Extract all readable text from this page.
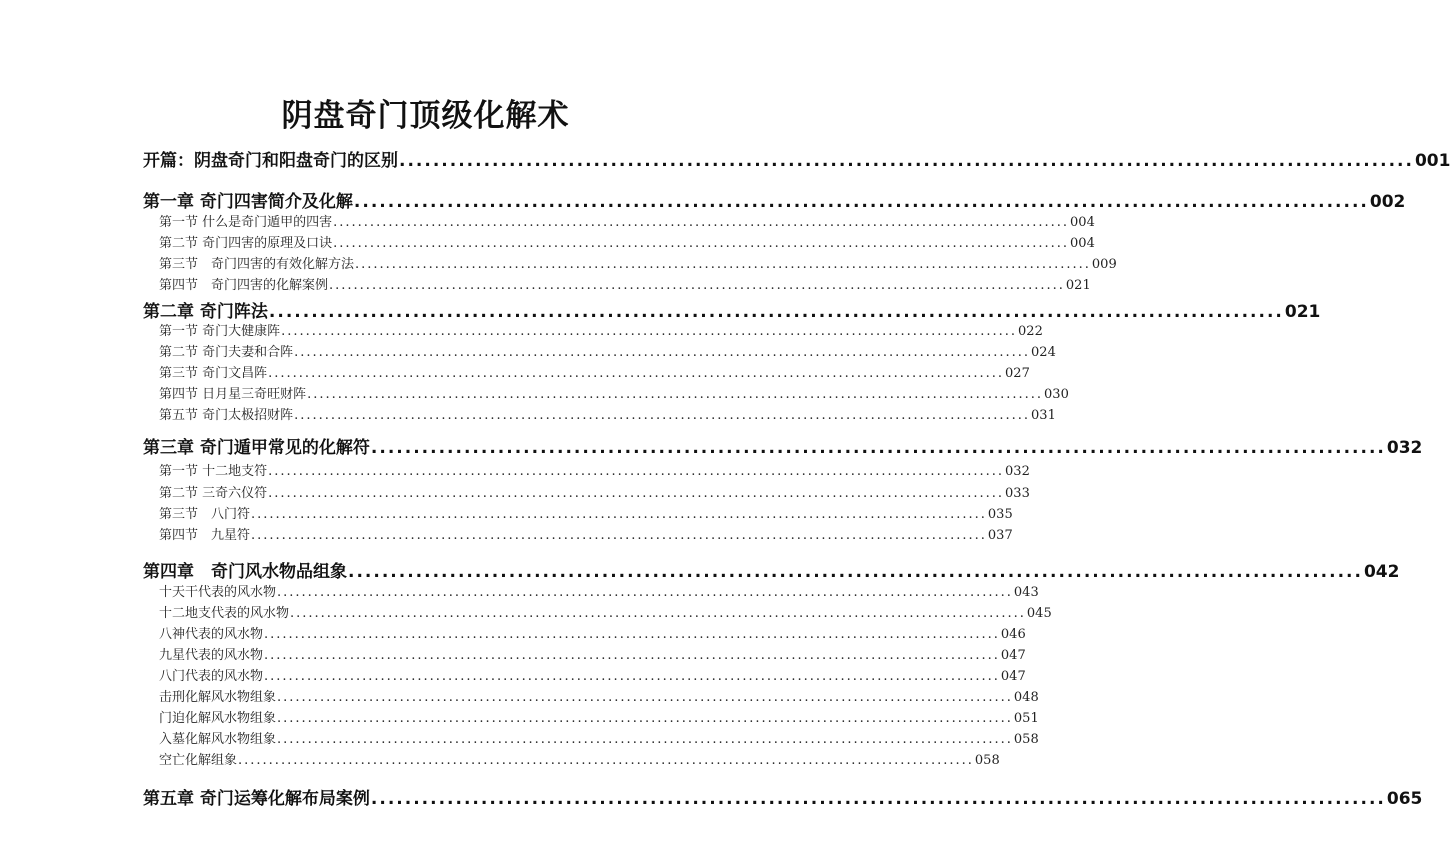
阴盘奇门顶级化解术
开篇：阴盘奇门和阳盘奇门的区别 ........................................................................................................................ 001
第一章 奇门四害简介及化解 ........................................................................................................................ 002
第一节 什么是奇门遁甲的四害 ........................................................................................................................ 004
第二节 奇门四害的原理及口诀 ........................................................................................................................ 004
第三节　奇门四害的有效化解方法 ........................................................................................................................ 009
第四节　奇门四害的化解案例 ........................................................................................................................ 021
第二章 奇门阵法 ........................................................................................................................ 021
第一节 奇门大健康阵 ........................................................................................................................ 022
第二节 奇门夫妻和合阵 ........................................................................................................................ 024
第三节 奇门文昌阵 ........................................................................................................................ 027
第四节 日月星三奇旺财阵 ........................................................................................................................ 030
第五节 奇门太极招财阵 ........................................................................................................................ 031
第三章 奇门遁甲常见的化解符 ........................................................................................................................ 032
第一节 十二地支符 ........................................................................................................................ 032
第二节 三奇六仪符 ........................................................................................................................ 033
第三节　八门符 ........................................................................................................................ 035
第四节　九星符 ........................................................................................................................ 037
第四章　奇门风水物品组象 ........................................................................................................................ 042
十天干代表的风水物 ........................................................................................................................ 043
十二地支代表的风水物 ........................................................................................................................ 045
八神代表的风水物 ........................................................................................................................ 046
九星代表的风水物 ........................................................................................................................ 047
八门代表的风水物 ........................................................................................................................ 047
击刑化解风水物组象 ........................................................................................................................ 048
门迫化解风水物组象 ........................................................................................................................ 051
入墓化解风水物组象 ........................................................................................................................ 058
空亡化解组象 ........................................................................................................................ 058
第五章 奇门运筹化解布局案例 ........................................................................................................................ 065
